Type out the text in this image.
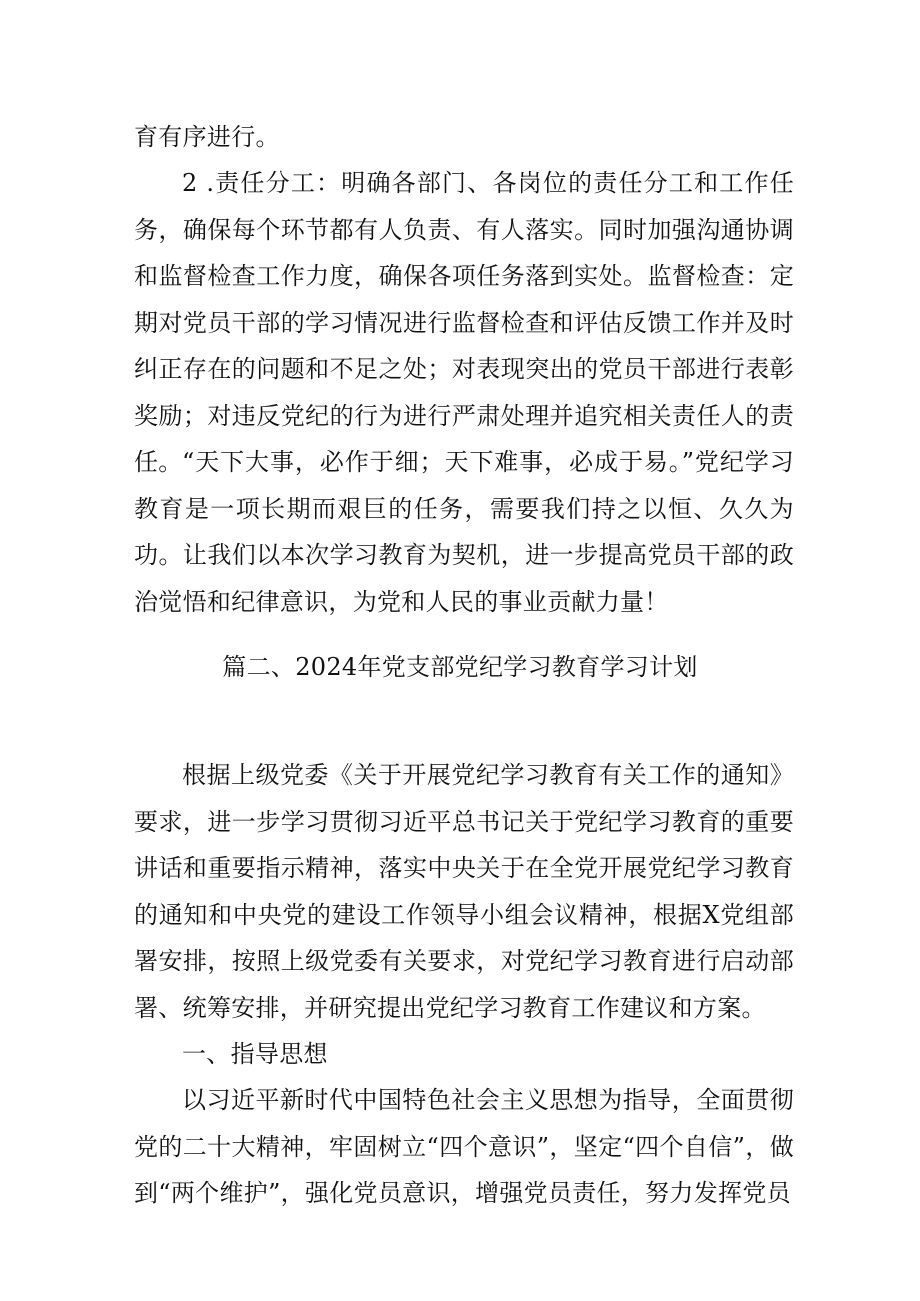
育有序进行。

2 .责任分工：明确各部门、各岗位的责任分工和工作任务，确保每个环节都有人负责、有人落实。同时加强沟通协调和监督检查工作力度，确保各项任务落到实处。监督检查：定期对党员干部的学习情况进行监督检查和评估反馈工作并及时纠正存在的问题和不足之处；对表现突出的党员干部进行表彰奖励；对违反党纪的行为进行严肃处理并追究相关责任人的责任。 “天下大事，必作于细；天下难事，必成于易。”党纪学习教育是一项长期而艰巨的任务，需要我们持之以恒、久久为功。让我们以本次学习教育为契机，进一步提高党员干部的政治觉悟和纪律意识，为党和人民的事业贡献力量！

篇二、2024年党支部党纪学习教育学习计划

根据上级党委《关于开展党纪学习教育有关工作的通知》要求，进一步学习贯彻习近平总书记关于党纪学习教育的重要讲话和重要指示精神，落实中央关于在全党开展党纪学习教育的通知和中央党的建设工作领导小组会议精神，根据X党组部署安排，按照上级党委有关要求，对党纪学习教育进行启动部署、统筹安排，并研究提出党纪学习教育工作建议和方案。

一、指导思想

以习近平新时代中国特色社会主义思想为指导，全面贯彻党的二十大精神，牢固树立“四个意识”，坚定“四个自信”，做到“两个维护”，强化党员意识，增强党员责任，努力发挥党员
